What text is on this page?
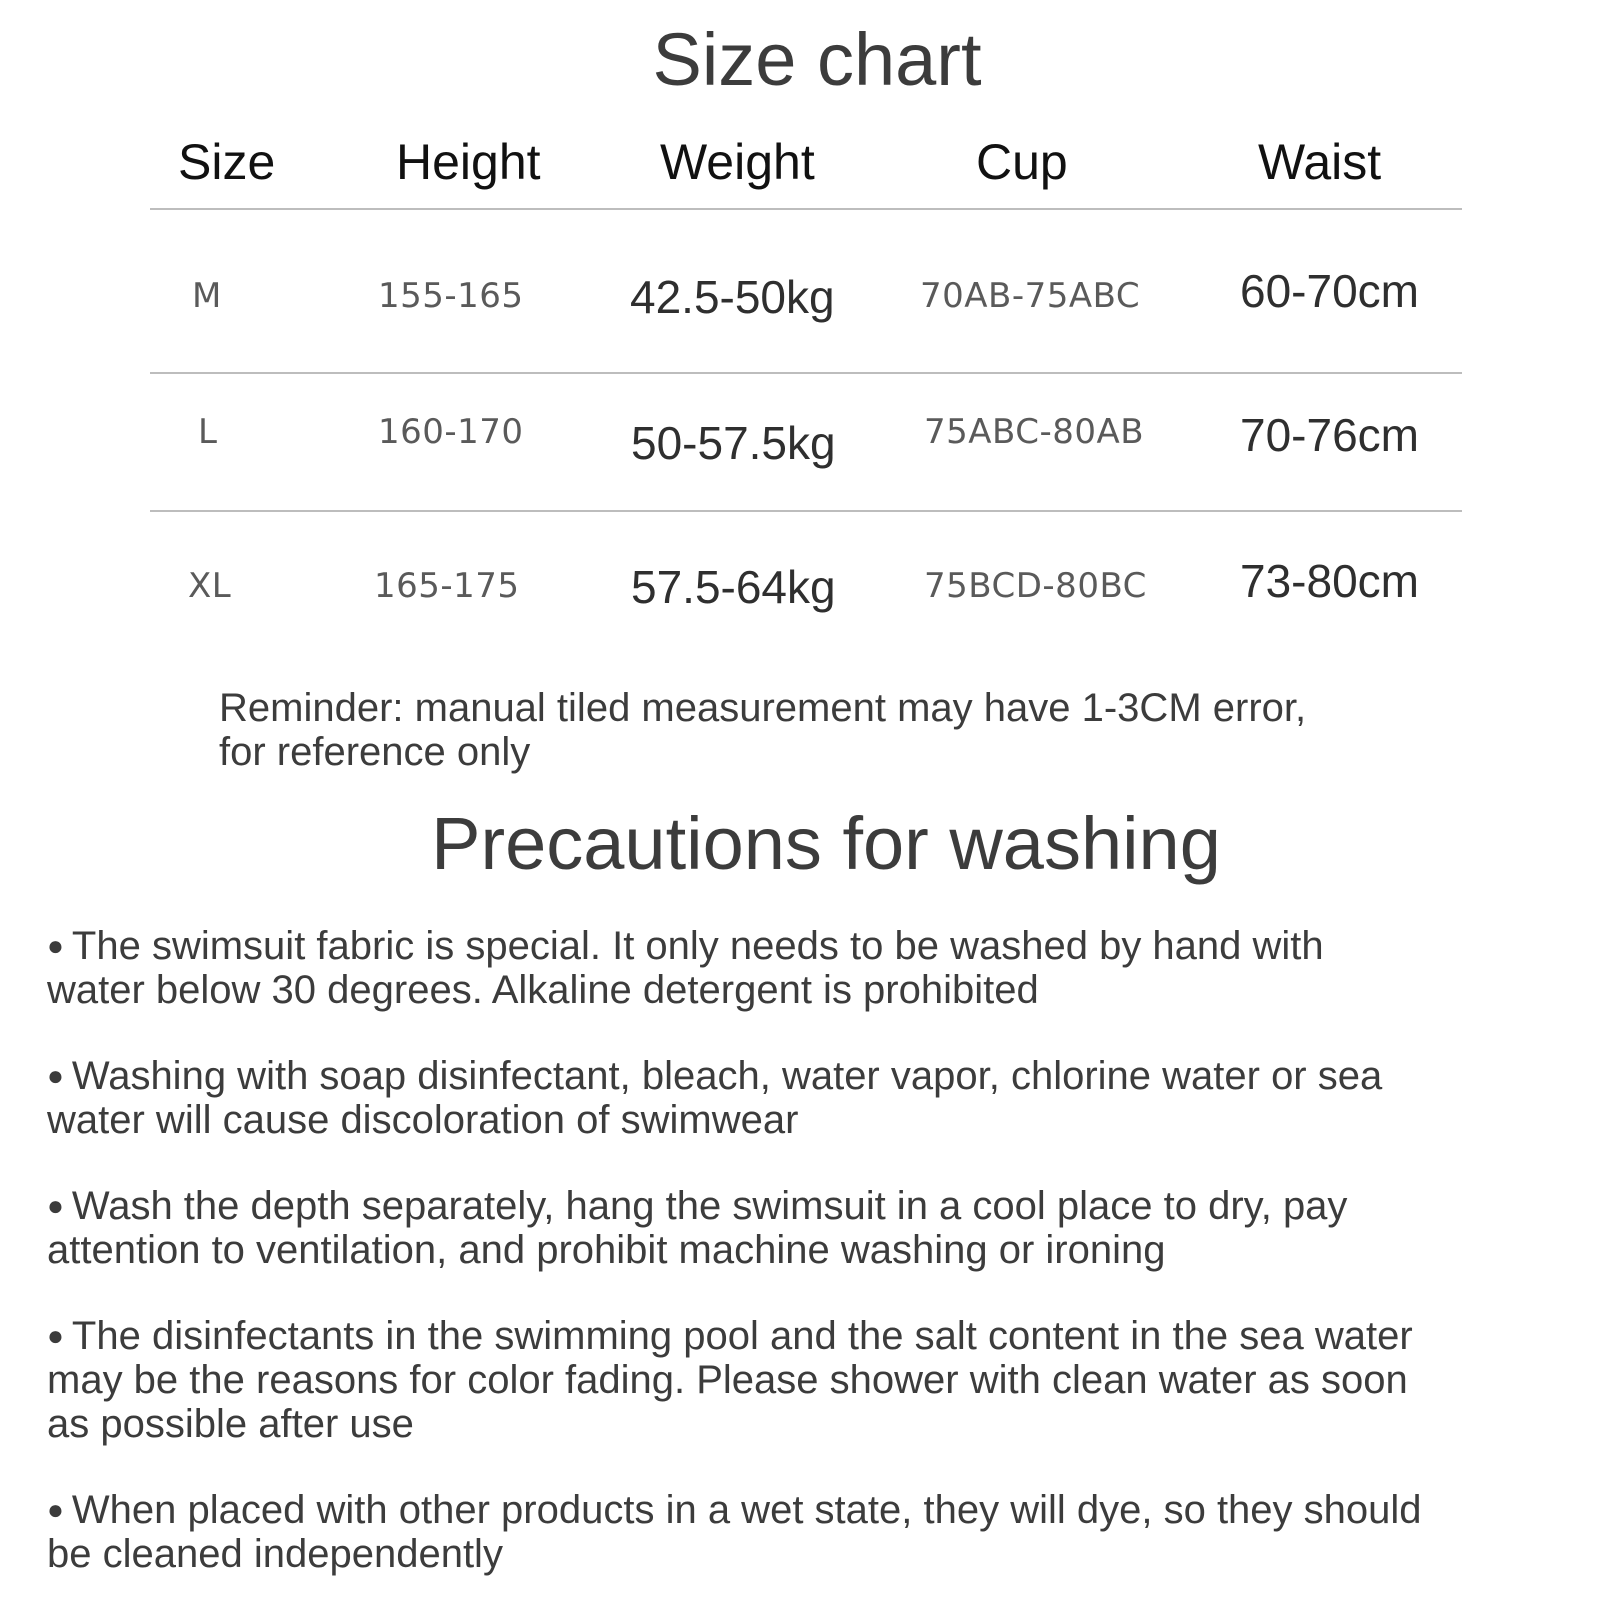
Size chart
Size Height Weight	Cup	Waist
M	155-165 42.5-50kg	70AB-75ABC 60-70cm
L	160-170 50-57.5kg	75ABC-80AB 70-76cm
XL	165-175 57.5-64kg	75BCD-80BC 73-80cm
Reminder: manual tiled measurement may have 1-3CM error,
for reference only
Precautions for washing
● The swimsuit fabric is special. It only needs to be washed by hand with
water below 30 degrees. Alkaline detergent is prohibited
● Washing with soap disinfectant, bleach, water vapor, chlorine water or sea
water will cause discoloration of swimwear
● Wash the depth separately, hang the swimsuit in a cool place to dry, pay
attention to ventilation, and prohibit machine washing or ironing
● The disinfectants in the swimming pool and the salt content in the sea water
may be the reasons for color fading. Please shower with clean water as soon
as possible after use
● When placed with other products in a wet state, they will dye, so they should
be cleaned independently
